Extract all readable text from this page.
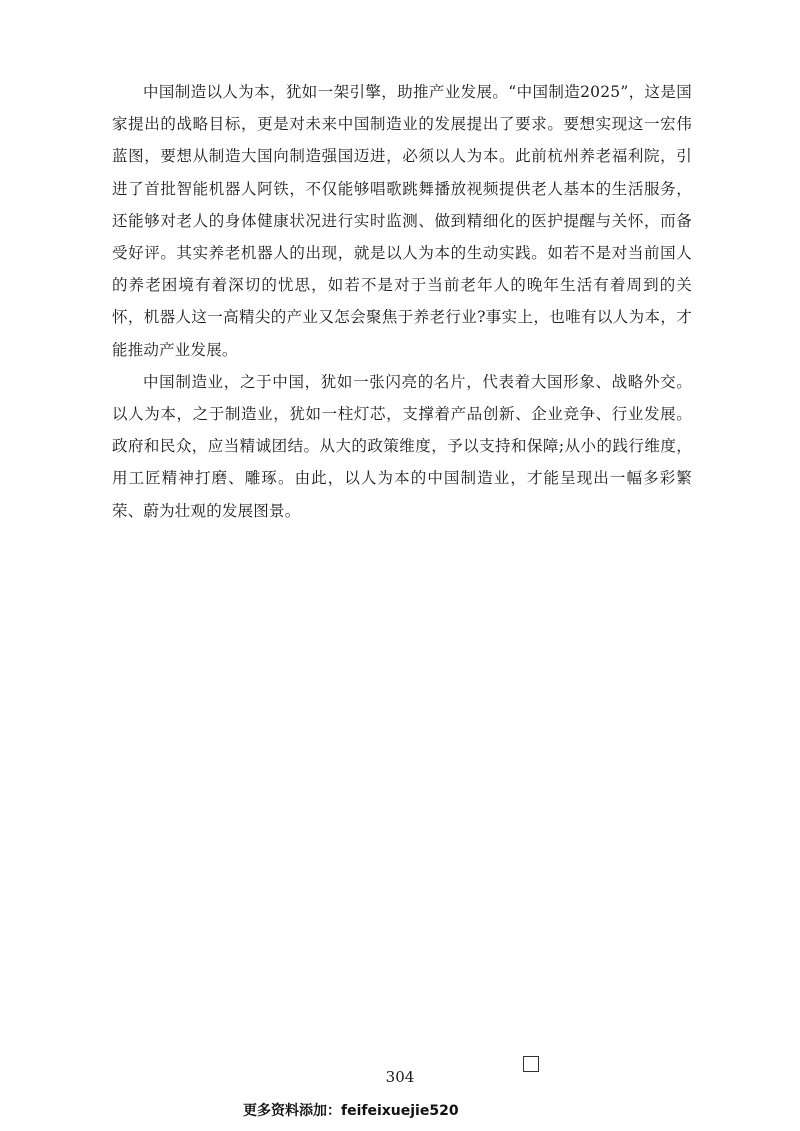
中国制造以人为本，犹如一架引擎，助推产业发展。“中国制造2025”，这是国家提出的战略目标，更是对未来中国制造业的发展提出了要求。要想实现这一宏伟蓝图，要想从制造大国向制造强国迈进，必须以人为本。此前杭州养老福利院，引进了首批智能机器人阿铁，不仅能够唱歌跳舞播放视频提供老人基本的生活服务，还能够对老人的身体健康状况进行实时监测、做到精细化的医护提醒与关怀，而备受好评。其实养老机器人的出现，就是以人为本的生动实践。如若不是对当前国人的养老困境有着深切的忧思，如若不是对于当前老年人的晚年生活有着周到的关怀，机器人这一高精尖的产业又怎会聚焦于养老行业?事实上，也唯有以人为本，才能推动产业发展。

中国制造业，之于中国，犹如一张闪亮的名片，代表着大国形象、战略外交。以人为本，之于制造业，犹如一柱灯芯，支撑着产品创新、企业竞争、行业发展。政府和民众，应当精诚团结。从大的政策维度，予以支持和保障;从小的践行维度，用工匠精神打磨、雕琢。由此，以人为本的中国制造业，才能呈现出一幅多彩繁荣、蔚为壮观的发展图景。

304
更多资料添加：feifeixuejie520
